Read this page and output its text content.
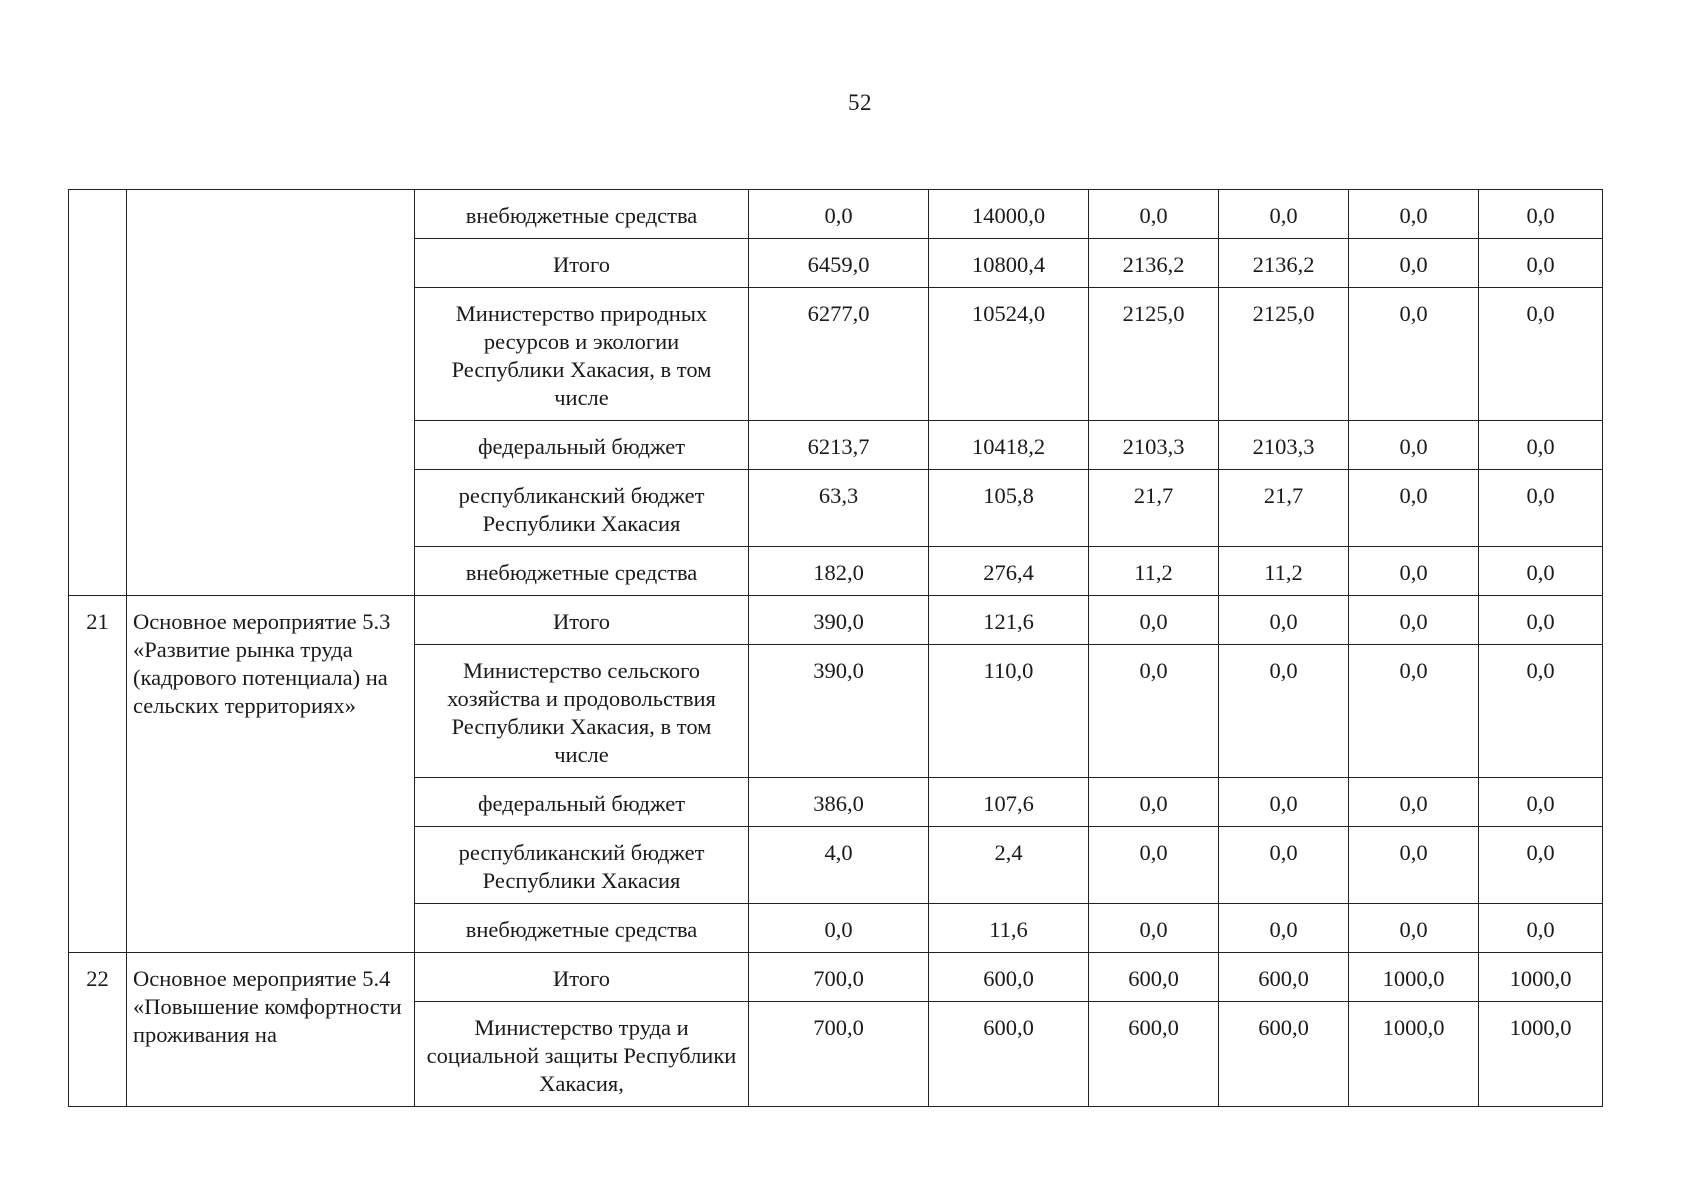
52
		внебюджетные средства	0,0	14000,0	0,0	0,0	0,0	0,0
		Итого	6459,0	10800,4	2136,2	2136,2	0,0	0,0
		Министерство природных ресурсов и экологии Республики Хакасия, в том числе	6277,0	10524,0	2125,0	2125,0	0,0	0,0
		федеральный бюджет	6213,7	10418,2	2103,3	2103,3	0,0	0,0
		республиканский бюджет Республики Хакасия	63,3	105,8	21,7	21,7	0,0	0,0
		внебюджетные средства	182,0	276,4	11,2	11,2	0,0	0,0
21	Основное мероприятие 5.3 «Развитие рынка труда (кадрового потенциала) на сельских территориях»	Итого	390,0	121,6	0,0	0,0	0,0	0,0
		Министерство сельского хозяйства и продовольствия Республики Хакасия, в том числе	390,0	110,0	0,0	0,0	0,0	0,0
		федеральный бюджет	386,0	107,6	0,0	0,0	0,0	0,0
		республиканский бюджет Республики Хакасия	4,0	2,4	0,0	0,0	0,0	0,0
		внебюджетные средства	0,0	11,6	0,0	0,0	0,0	0,0
22	Основное мероприятие 5.4 «Повышение комфортности проживания на	Итого	700,0	600,0	600,0	600,0	1000,0	1000,0
		Министерство труда и социальной защиты Республики Хакасия,	700,0	600,0	600,0	600,0	1000,0	1000,0
